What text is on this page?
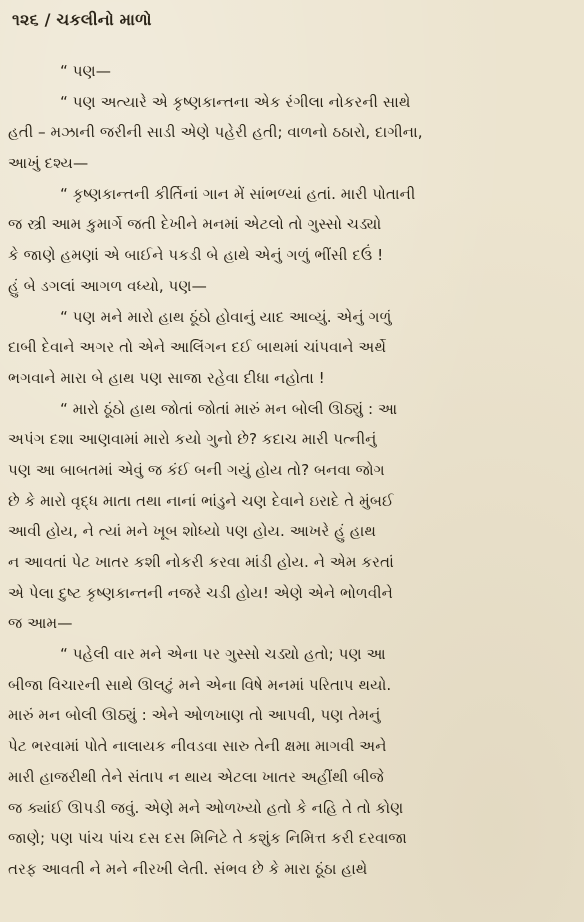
૧૨૬ / ચકલીનો માળો
“ પણ—
“ પણ અત્યારે એ કૃષ્ણકાન્તના એક રંગીલા નોકરની સાથે
હતી – મઝાની જરીની સાડી એણે પહેરી હતી; વાળનો ઠઠારો, દાગીના,
આખું દશ્ય—
“ કૃષ્ણકાન્તની કીર્તિનાં ગાન મેં સાંભળ્યાં હતાં. મારી પોતાની
જ સ્ત્રી આમ કુમાર્ગે જતી દેખીને મનમાં એટલો તો ગુસ્સો ચડ્યો
કે જાણે હમણાં એ બાઈને પકડી બે હાથે એનું ગળું ભીંસી દઉં !
હું બે ડગલાં આગળ વધ્યો, પણ—
“ પણ મને મારો હાથ ઠૂંઠો હોવાનું યાદ આવ્યું. એનું ગળું
દાબી દેવાને અગર તો એને આલિંગન દઈ બાથમાં ચાંપવાને અર્થે
ભગવાને મારા બે હાથ પણ સાજા રહેવા દીધા નહોતા !
“ મારો ઠૂંઠો હાથ જોતાં જોતાં મારું મન બોલી ઊઠ્યું : આ
અપંગ દશા આણવામાં મારો કયો ગુનો છે? કદાચ મારી પત્નીનું
પણ આ બાબતમાં એવું જ કંઈ બની ગયું હોય તો? બનવા જોગ
છે કે મારો વૃદ્ધ માતા તથા નાનાં ભાંડુને ચણ દેવાને ઇરાદે તે મુંબઈ
આવી હોય, ને ત્યાં મને ખૂબ શોધ્યો પણ હોય. આખરે હું હાથ
ન આવતાં પેટ ખાતર કશી નોકરી કરવા માંડી હોય. ને એમ કરતાં
એ પેલા દુષ્ટ કૃષ્ણકાન્તની નજરે ચડી હોય! એણે એને ભોળવીને
જ આમ—
“ પહેલી વાર મને એના પર ગુસ્સો ચડ્યો હતો; પણ આ
બીજા વિચારની સાથે ઊલટું મને એના વિષે મનમાં પરિતાપ થયો.
મારું મન બોલી ઊઠ્યું : એને ઓળખાણ તો આપવી, પણ તેમનું
પેટ ભરવામાં પોતે નાલાયક નીવડવા સારુ તેની ક્ષમા માગવી અને
મારી હાજરીથી તેને સંતાપ ન થાય એટલા ખાતર અહીંથી બીજે
જ ક્યાંઈ ઊપડી જવું. એણે મને ઓળખ્યો હતો કે નહિ તે તો કોણ
જાણે; પણ પાંચ પાંચ દસ દસ મિનિટે તે કશુંક નિમિત્ત કરી દરવાજા
તરફ આવતી ને મને નીરખી લેતી. સંભવ છે કે મારા ઠૂંઠા હાથે
